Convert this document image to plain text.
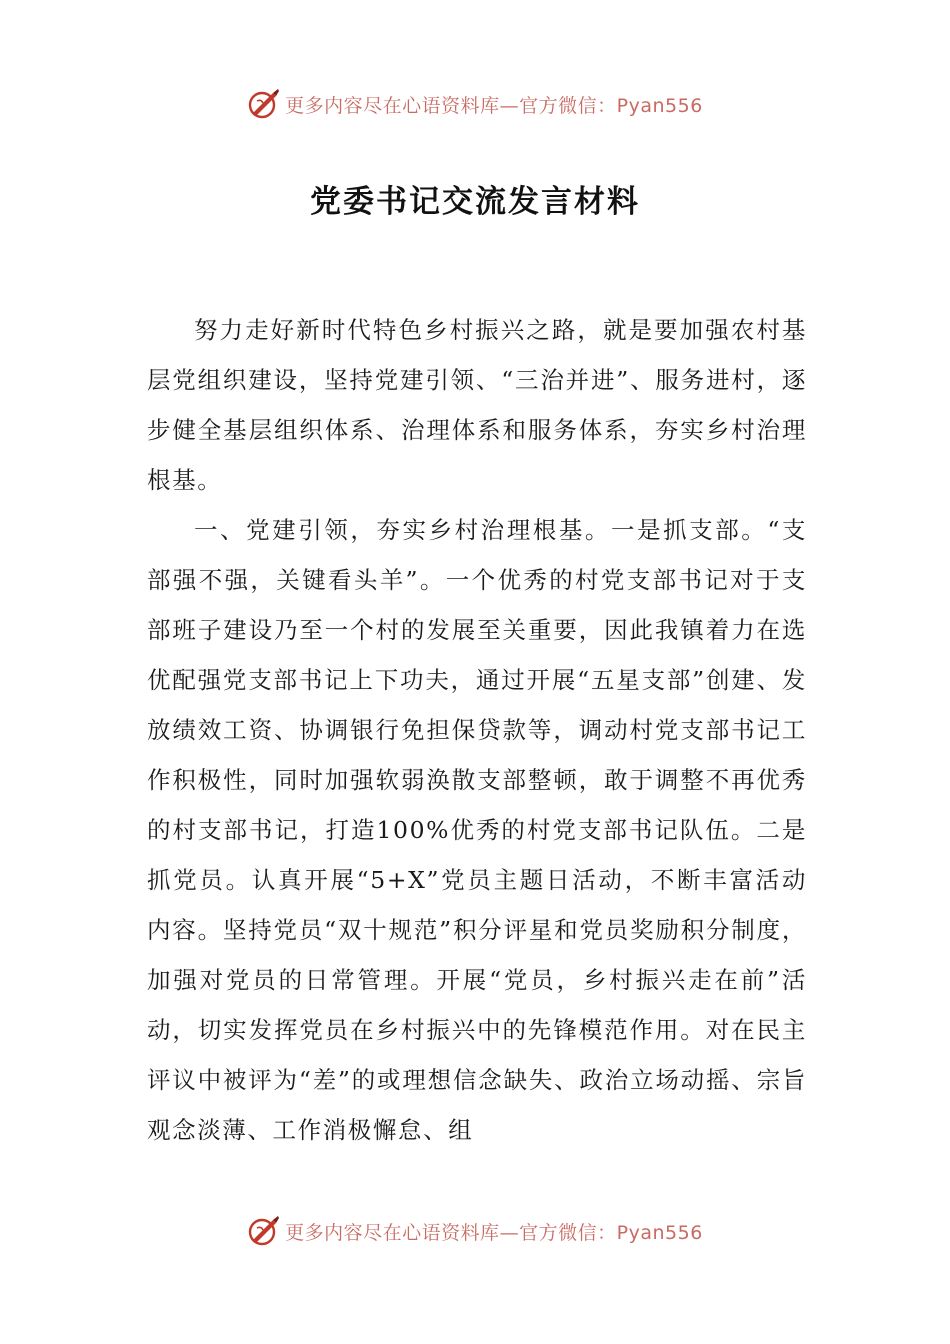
更多内容尽在心语资料库—官方微信：Pyan556
党委书记交流发言材料

努力走好新时代特色乡村振兴之路，就是要加强农村基层党组织建设，坚持党建引领、“三治并进”、服务进村，逐步健全基层组织体系、治理体系和服务体系，夯实乡村治理根基。

一、党建引领，夯实乡村治理根基。一是抓支部。“支部强不强，关键看头羊”。一个优秀的村党支部书记对于支部班子建设乃至一个村的发展至关重要，因此我镇着力在选优配强党支部书记上下功夫，通过开展“五星支部”创建、发放绩效工资、协调银行免担保贷款等，调动村党支部书记工作积极性，同时加强软弱涣散支部整顿，敢于调整不再优秀的村支部书记，打造100%优秀的村党支部书记队伍。二是抓党员。认真开展“5+X”党员主题日活动，不断丰富活动内容。坚持党员“双十规范”积分评星和党员奖励积分制度，加强对党员的日常管理。开展“党员，乡村振兴走在前”活动，切实发挥党员在乡村振兴中的先锋模范作用。对在民主评议中被评为“差”的或理想信念缺失、政治立场动摇、宗旨观念淡薄、工作消极懈怠、组

更多内容尽在心语资料库—官方微信：Pyan556
